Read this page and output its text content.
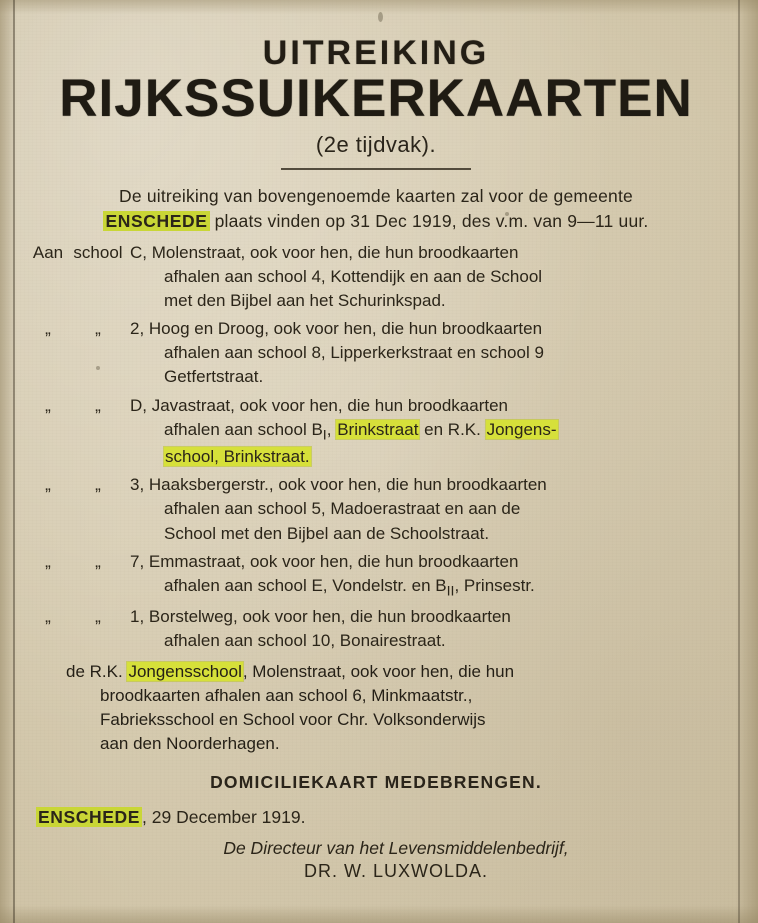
UITREIKING
RIJKSSUIKERKAARTEN
(2e tijdvak).
De uitreiking van bovengenoemde kaarten zal voor de gemeente
ENSCHEDE plaats vinden op 31 Dec 1919, des v.m. van 9—11 uur.
Aan school C, Molenstraat, ook voor hen, die hun broodkaarten
afhalen aan school 4, Kottendijk en aan de School
met den Bijbel aan het Schurinkspad.
„	„	2, Hoog en Droog, ook voor hen, die hun broodkaarten
afhalen aan school 8, Lipperkerkstraat en school 9
Getfertstraat.
„	„	D, Javastraat, ook voor hen, die hun broodkaarten
afhalen aan school $B_I$, Brinkstraat en R.K. Jongens-
school, Brinkstraat.
„	„	3, Haaksbergerstr., ook voor hen, die hun broodkaarten
afhalen aan school 5, Madoerastraat en aan de
School met den Bijbel aan de Schoolstraat.
„	„	7, Emmastraat, ook voor hen, die hun broodkaarten
afhalen aan school E, Vondelstr. en $B_{II}$, Prinsestr.
„	„	1, Borstelweg, ook voor hen, die hun broodkaarten
afhalen aan school 10, Bonairestraat.
de R.K. Jongensschool, Molenstraat, ook voor hen, die hun
broodkaarten afhalen aan school 6, Minkmaatstr.,
Fabrieksschool en School voor Chr. Volksonderwijs
aan den Noorderhagen.
DOMICILIEKAART MEDEBRENGEN.
ENSCHEDE , 29 December 1919.
De Directeur van het Levensmiddelenbedrijf,
DR. W. LUXWOLDA.
